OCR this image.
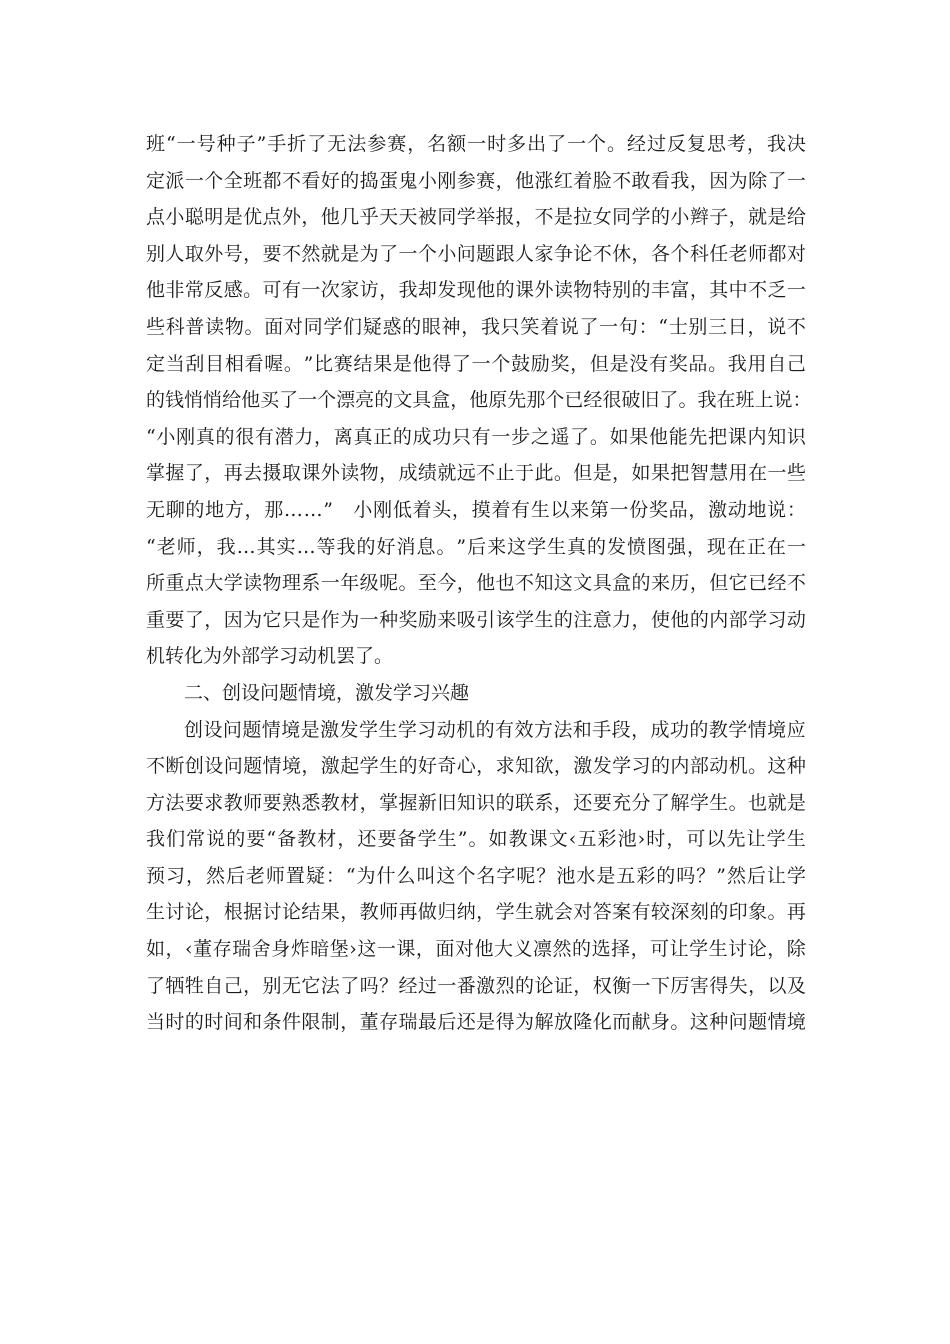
班 “ 一 号 种 子 ” 手 折 了 无 法 参 赛 ， 名 额 一 时 多 出 了 一 个 。 经 过 反 复 思 考 ， 我 决
定 派 一 个 全 班 都 不 看 好 的 捣 蛋 鬼 小 刚 参 赛 ， 他 涨 红 着 脸 不 敢 看 我 ， 因 为 除 了 一
点 小 聪 明 是 优 点 外 ， 他 几 乎 天 天 被 同 学 举 报 ， 不 是 拉 女 同 学 的 小 辫 子 ， 就 是 给
别 人 取 外 号 ， 要 不 然 就 是 为 了 一 个 小 问 题 跟 人 家 争 论 不 休 ， 各 个 科 任 老 师 都 对
他 非 常 反 感 。 可 有 一 次 家 访 ， 我 却 发 现 他 的 课 外 读 物 特 别 的 丰 富 ， 其 中 不 乏 一
些 科 普 读 物 。 面 对 同 学 们 疑 惑 的 眼 神 ， 我 只 笑 着 说 了 一 句 ： “ 士 别 三 日 ， 说 不
定 当 刮 目 相 看 喔 。 ” 比 赛 结 果 是 他 得 了 一 个 鼓 励 奖 ， 但 是 没 有 奖 品 。 我 用 自 己
的 钱 悄 悄 给 他 买 了 一 个 漂 亮 的 文 具 盒 ， 他 原 先 那 个 已 经 很 破 旧 了 。 我 在 班 上 说 ：
“ 小 刚 真 的 很 有 潜 力 ， 离 真 正 的 成 功 只 有 一 步 之 遥 了 。 如 果 他 能 先 把 课 内 知 识
掌 握 了 ， 再 去 摄 取 课 外 读 物 ， 成 绩 就 远 不 止 于 此 。 但 是 ， 如 果 把 智 慧 用 在 一 些
无 聊 的 地 方 ， 那 … … ”
　 小 刚 低 着 头 ， 摸 着 有 生 以 来 第 一 份 奖 品 ， 激 动 地 说 ：
“ 老 师 ， 我 … 其 实 … 等 我 的 好 消 息 。 ” 后 来 这 学 生 真 的 发 愤 图 强 ， 现 在 正 在 一
所 重 点 大 学 读 物 理 系 一 年 级 呢 。 至 今 ， 他 也 不 知 这 文 具 盒 的 来 历 ， 但 它 已 经 不
重 要 了 ， 因 为 它 只 是 作 为 一 种 奖 励 来 吸 引 该 学 生 的 注 意 力 ， 使 他 的 内 部 学 习 动
机转化为外部学习动机罢了。
二、创设问题情境，激发学习兴趣
创 设 问 题 情 境 是 激 发 学 生 学 习 动 机 的 有 效 方 法 和 手 段 ， 成 功 的 教 学 情 境 应
不 断 创 设 问 题 情 境 ， 激 起 学 生 的 好 奇 心 ， 求 知 欲 ， 激 发 学 习 的 内 部 动 机 。 这 种
方 法 要 求 教 师 要 熟 悉 教 材 ， 掌 握 新 旧 知 识 的 联 系 ， 还 要 充 分 了 解 学 生 。 也 就 是
我 们 常 说 的 要 “ 备 教 材 ， 还 要 备 学 生 ” 。 如 教 课 文 ‹ 五 彩 池 › 时 ， 可 以 先 让 学 生
预 习 ， 然 后 老 师 置 疑 ： “ 为 什 么 叫 这 个 名 字 呢 ？ 池 水 是 五 彩 的 吗 ？ ” 然 后 让 学
生 讨 论 ， 根 据 讨 论 结 果 ， 教 师 再 做 归 纳 ， 学 生 就 会 对 答 案 有 较 深 刻 的 印 象 。 再
如 ， ‹ 董 存 瑞 舍 身 炸 暗 堡 › 这 一 课 ， 面 对 他 大 义 凛 然 的 选 择 ， 可 让 学 生 讨 论 ， 除
了 牺 牲 自 己 ， 别 无 它 法 了 吗 ？ 经 过 一 番 激 烈 的 论 证 ， 权 衡 一 下 厉 害 得 失 ， 以 及
当 时 的 时 间 和 条 件 限 制 ， 董 存 瑞 最 后 还 是 得 为 解 放 隆 化 而 献 身 。 这 种 问 题 情 境
